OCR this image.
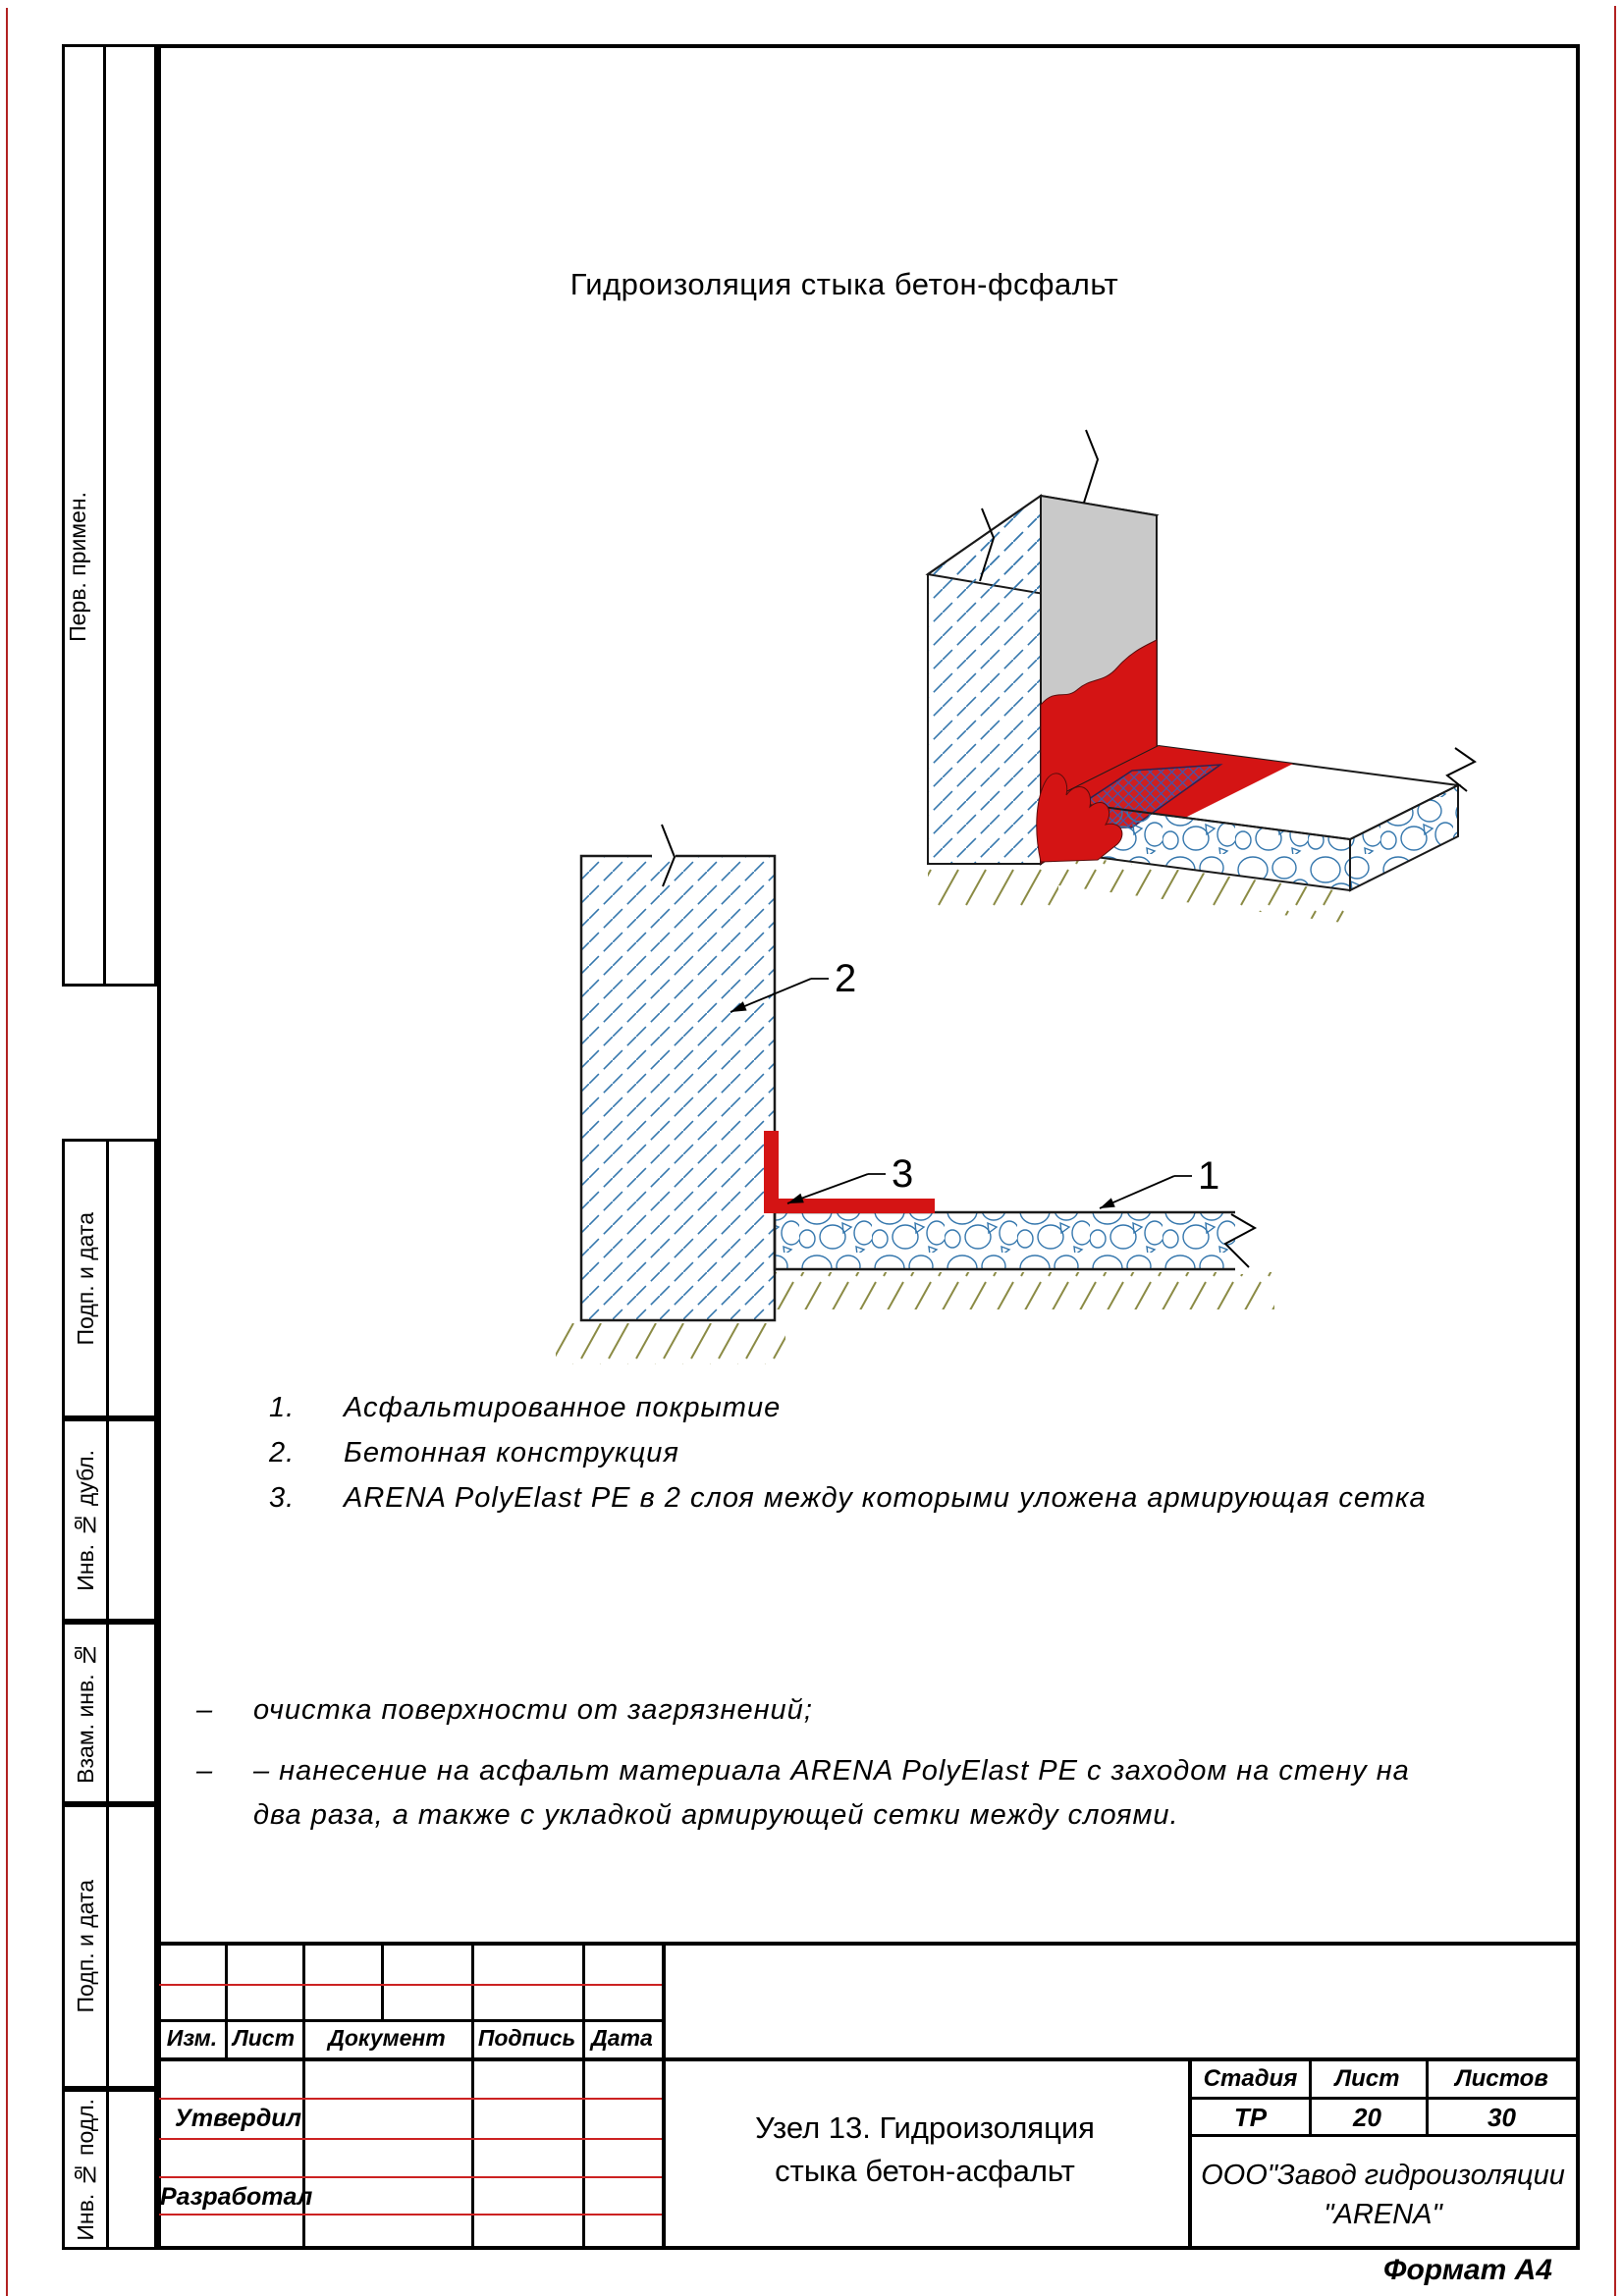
Перв. примен.
Подп. и дата
Инв. № дубл.
Взам. инв. №
Подп. и дата
Инв. № подл.
Гидроизоляция стыка бетон-фсфальт
2
3	1
1. Асфальтированное покрытие
2. Бетонная конструкция
3. ARENA PolyElast PE в 2 слоя между которыми уложена армирующая сетка
– очистка поверхности от загрязнений;
– – нанесение на асфальт материала ARENA PolyElast PE с заходом на стену на
два раза, а также с укладкой армирующей сетки между слоями.
Изм. Лист	Документ	Подпись Дата
Утвердил
Разработал
Узел 13. Гидроизоляция
стыка бетон-асфальт
Стадия	Лист	Листов
ТР	20	30
ООО"Завод гидроизоляции
"ARENA"
Формат А4
